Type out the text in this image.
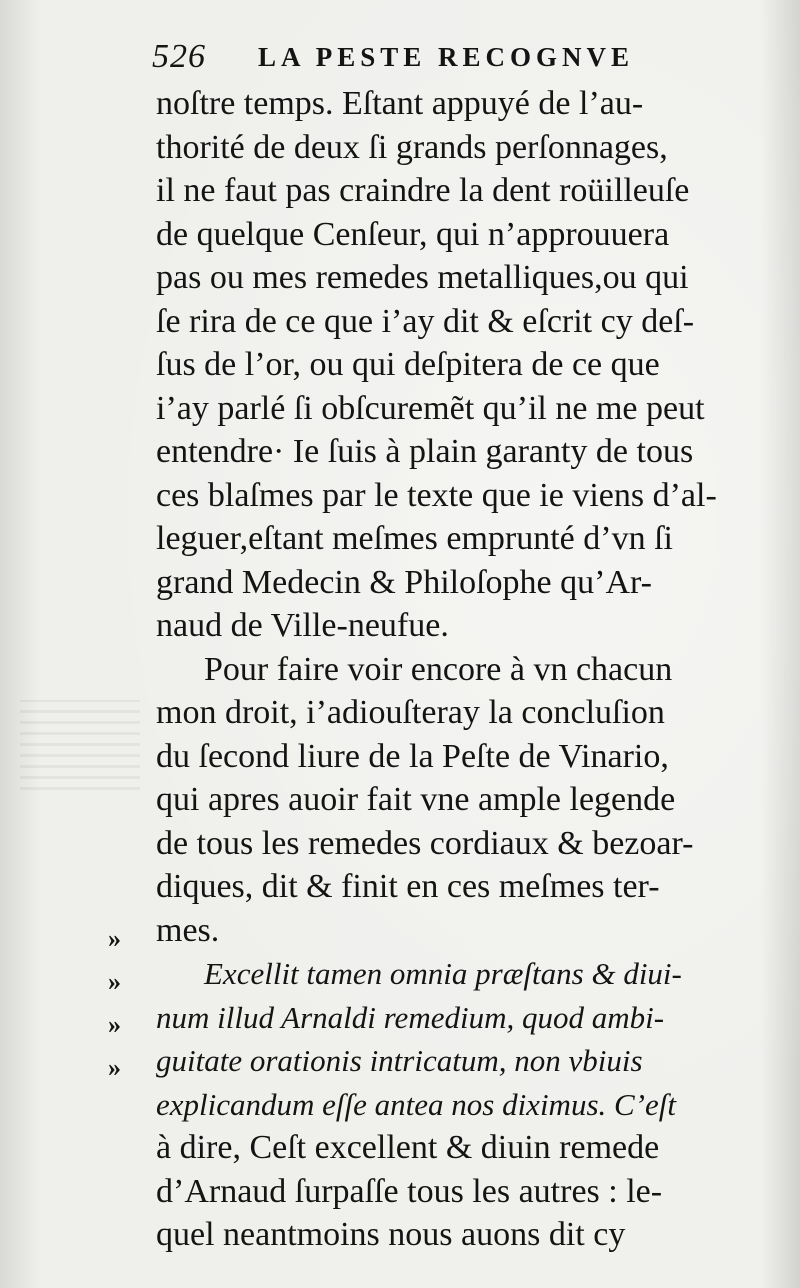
526 LA PESTE RECOGNVE
noſtre temps. Eſtant appuyé de l’au-
thorité de deux ſi grands perſonnages,
il ne faut pas craindre la dent roüilleuſe
de quelque Cenſeur, qui n’approuuera
pas ou mes remedes metalliques,ou qui
ſe rira de ce que i’ay dit & eſcrit cy deſ-
ſus de l’or, ou qui deſpitera de ce que
i’ay parlé ſi obſcuremẽt qu’il ne me peut
entendre· Ie ſuis à plain garanty de tous
ces blaſmes par le texte que ie viens d’al-
leguer,eſtant meſmes emprunté d’vn ſi
grand Medecin & Philoſophe qu’Ar-
naud de Ville-neufue.
Pour faire voir encore à vn chacun
mon droit, i’adiouſteray la concluſion
du ſecond liure de la Peſte de Vinario,
qui apres auoir fait vne ample legende
de tous les remedes cordiaux & bezoar-
diques, dit & finit en ces meſmes ter-
mes.
Excellit tamen omnia præſtans & diui-
num illud Arnaldi remedium, quod ambi-
guitate orationis intricatum, non vbiuis
explicandum eſſe antea nos diximus. C’eſt
à dire, Ceſt excellent & diuin remede
d’Arnaud ſurpaſſe tous les autres : le-
quel neantmoins nous auons dit cy
»
»
»
»
